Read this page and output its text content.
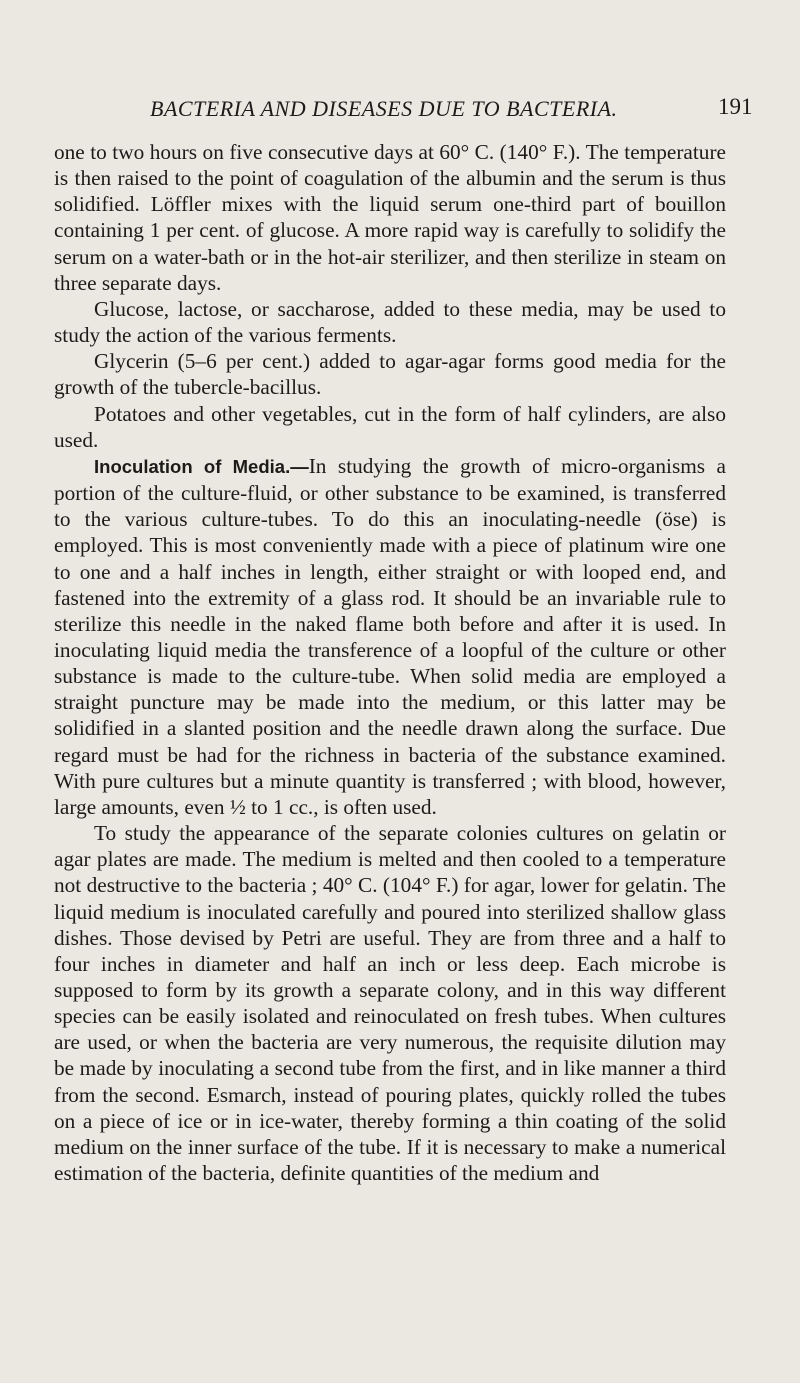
BACTERIA AND DISEASES DUE TO BACTERIA.	191

one to two hours on five consecutive days at 60° C. (140° F.). The temperature is then raised to the point of coagulation of the albumin and the serum is thus solidified. Löffler mixes with the liquid serum one-third part of bouillon containing 1 per cent. of glucose. A more rapid way is carefully to solidify the serum on a water-bath or in the hot-air sterilizer, and then sterilize in steam on three separate days.

Glucose, lactose, or saccharose, added to these media, may be used to study the action of the various ferments.

Glycerin (5–6 per cent.) added to agar-agar forms good media for the growth of the tubercle-bacillus.

Potatoes and other vegetables, cut in the form of half cylinders, are also used.

Inoculation of Media.—In studying the growth of micro-organisms a portion of the culture-fluid, or other substance to be examined, is transferred to the various culture-tubes. To do this an inoculating-needle (öse) is employed. This is most conveniently made with a piece of platinum wire one to one and a half inches in length, either straight or with looped end, and fastened into the extremity of a glass rod. It should be an invariable rule to sterilize this needle in the naked flame both before and after it is used. In inoculating liquid media the transference of a loopful of the culture or other substance is made to the culture-tube. When solid media are employed a straight puncture may be made into the medium, or this latter may be solidified in a slanted position and the needle drawn along the surface. Due regard must be had for the richness in bacteria of the substance examined. With pure cultures but a minute quantity is transferred ; with blood, however, large amounts, even ½ to 1 cc., is often used.

To study the appearance of the separate colonies cultures on gelatin or agar plates are made. The medium is melted and then cooled to a temperature not destructive to the bacteria ; 40° C. (104° F.) for agar, lower for gelatin. The liquid medium is inoculated carefully and poured into sterilized shallow glass dishes. Those devised by Petri are useful. They are from three and a half to four inches in diameter and half an inch or less deep. Each microbe is supposed to form by its growth a separate colony, and in this way different species can be easily isolated and reinoculated on fresh tubes. When cultures are used, or when the bacteria are very numerous, the requisite dilution may be made by inoculating a second tube from the first, and in like manner a third from the second. Esmarch, instead of pouring plates, quickly rolled the tubes on a piece of ice or in ice-water, thereby forming a thin coating of the solid medium on the inner surface of the tube. If it is necessary to make a numerical estimation of the bacteria, definite quantities of the medium and
